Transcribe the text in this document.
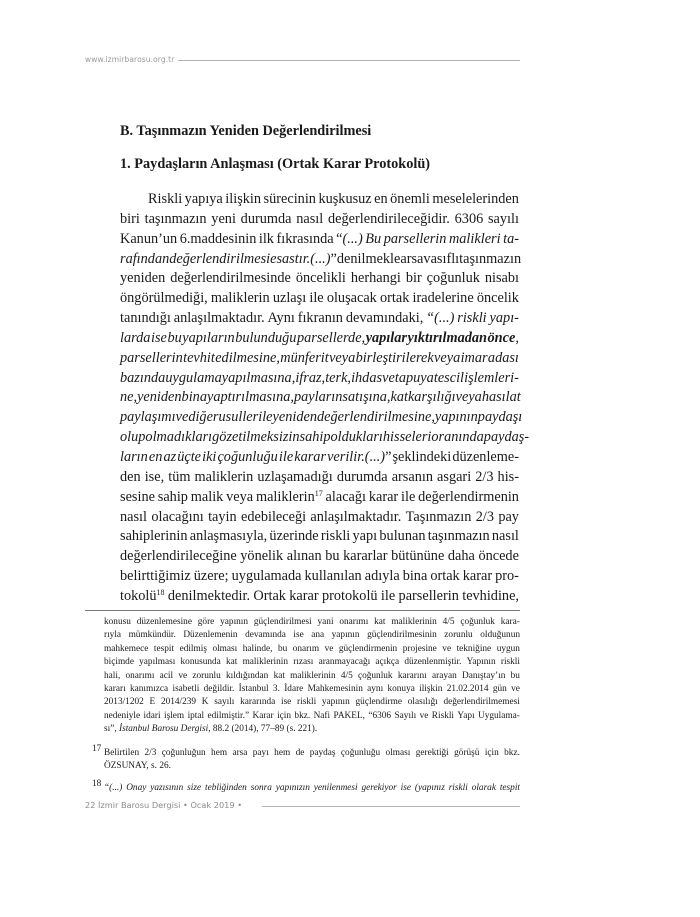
www.izmirbarosu.org.tr
B. Taşınmazın Yeniden Değerlendirilmesi
1. Paydaşların Anlaşması (Ortak Karar Protokolü)
Riskli yapıya ilişkin sürecinin kuşkusuz en önemli meselelerinden
biri taşınmazın yeni durumda nasıl değerlendirileceğidir. 6306 sayılı
Kanun’un 6.maddesinin ilk fıkrasında “(...) Bu parsellerin malikleri ta-
rafından değerlendirilmesi esastır. (...)” denilmekle arsa vasıflı taşınmazın
yeniden değerlendirilmesinde öncelikli herhangi bir çoğunluk nisabı
öngörülmediği, maliklerin uzlaşı ile oluşacak ortak iradelerine öncelik
tanındığı anlaşılmaktadır. Aynı fıkranın devamındaki, “(...) riskli yapı-
larda ise bu yapıların bulunduğu parsellerde, yapılar yıktırılmadan önce,
parsellerin tevhit edilmesine, münferit veya birleştirilerek veya imar adası
bazında uygulama yapılmasına, ifraz, terk, ihdas ve tapuya tescil işlemleri-
ne, yeniden bina yaptırılmasına, payların satışına, kat karşılığı veya hasılat
paylaşımı ve diğer usuller ile yeniden değerlendirilmesine, yapının paydaşı
olup olmadıkları gözetilmeksizin sahip oldukları hisseleri oranında paydaş-
ların en az üçte iki çoğunluğu ile karar verilir.(...)” şeklindeki düzenleme-
den ise, tüm maliklerin uzlaşamadığı durumda arsanın asgari 2/3 his-
sesine sahip malik veya maliklerin$^{17}$ alacağı karar ile değerlendirmenin
nasıl olacağını tayin edebileceği anlaşılmaktadır. Taşınmazın 2/3 pay
sahiplerinin anlaşmasıyla, üzerinde riskli yapı bulunan taşınmazın nasıl
değerlendirileceğine yönelik alınan bu kararlar bütününe daha öncede
belirttiğimiz üzere; uygulamada kullanılan adıyla bina ortak karar pro-
tokolü$^{18}$ denilmektedir. Ortak karar protokolü ile parsellerin tevhidine,
konusu düzenlemesine göre yapının güçlendirilmesi yani onarımı kat maliklerinin 4/5 çoğunluk kara-
rıyla mümkündür. Düzenlemenin devamında ise ana yapının güçlendirilmesinin zorunlu olduğunun
mahkemece tespit edilmiş olması halinde, bu onarım ve güçlendirmenin projesine ve tekniğine uygun
biçimde yapılması konusunda kat maliklerinin rızası aranmayacağı açıkça düzenlenmiştir. Yapının riskli
hali, onarımı acil ve zorunlu kıldığından kat maliklerinin 4/5 çoğunluk kararını arayan Danıştay’ın bu
kararı kanımızca isabetli değildir. İstanbul 3. İdare Mahkemesinin aynı konuya ilişkin 21.02.2014 gün ve
2013/1202 E 2014/239 K sayılı kararında ise riskli yapının güçlendirme olasılığı değerlendirilmemesi
nedeniyle idari işlem iptal edilmiştir.” Karar için bkz. Nafi PAKEL, “6306 Sayılı ve Riskli Yapı Uygulama-
sı”,
İstanbul
Barosu
Dergisi,
88.2
(2014),
77–89
(s.
221).

17 Belirtilen 2/3 çoğunluğun hem arsa payı hem de paydaş çoğunluğu olması gerektiği görüşü için bkz.
ÖZSUNAY,
s.
26.

18 “(...) Onay yazısının size tebliğinden sonra yapınızın yenilenmesi gerekiyor ise (yapınız riskli olarak tespit
22 İzmir Barosu Dergisi • Ocak 2019 •
